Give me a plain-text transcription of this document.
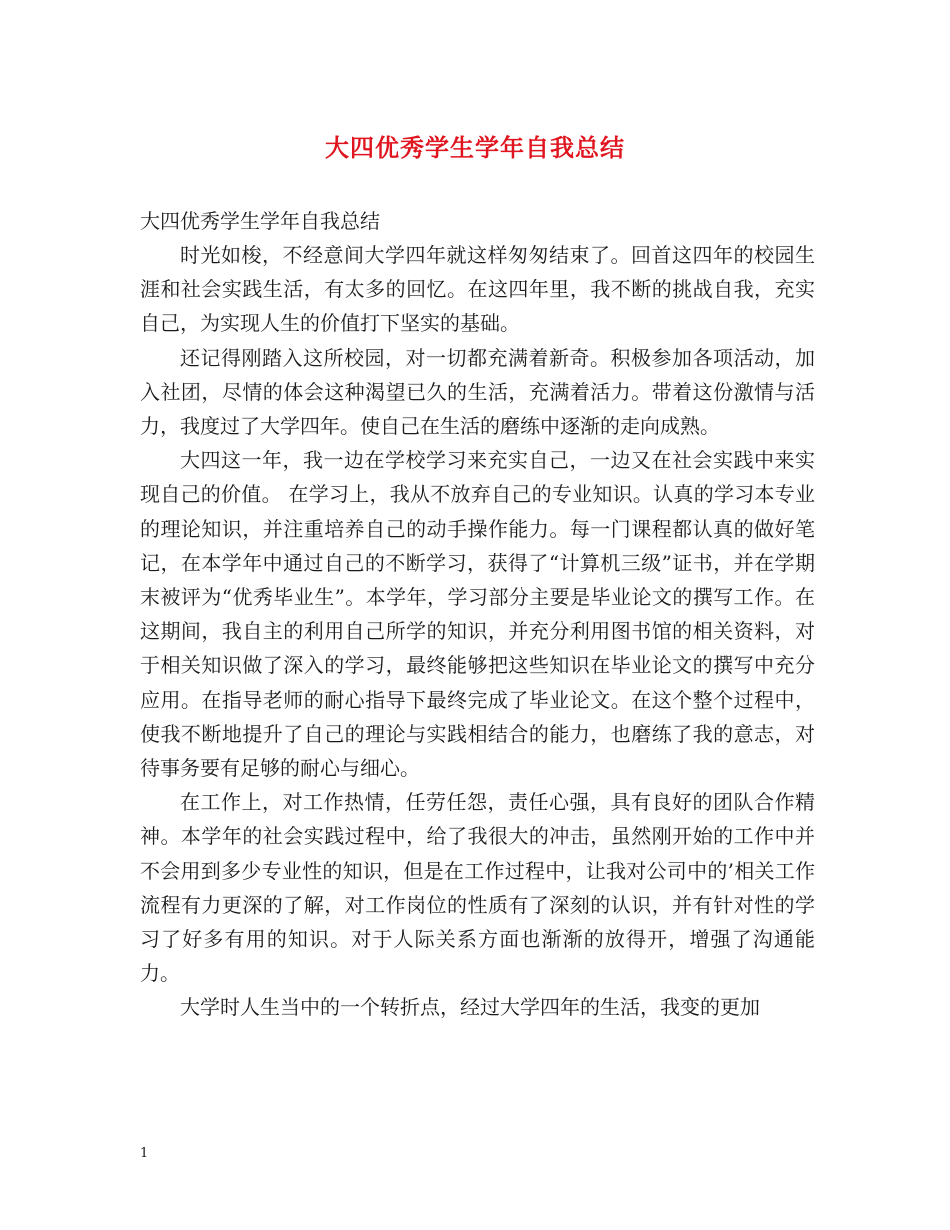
大四优秀学生学年自我总结

大四优秀学生学年自我总结

时光如梭，不经意间大学四年就这样匆匆结束了。回首这四年的校园生涯和社会实践生活，有太多的回忆。在这四年里，我不断的挑战自我，充实自己，为实现人生的价值打下坚实的基础。

还记得刚踏入这所校园，对一切都充满着新奇。积极参加各项活动，加入社团，尽情的体会这种渴望已久的生活，充满着活力。带着这份激情与活力，我度过了大学四年。使自己在生活的磨练中逐渐的走向成熟。

大四这一年，我一边在学校学习来充实自己，一边又在社会实践中来实现自己的价值。 在学习上，我从不放弃自己的专业知识。认真的学习本专业的理论知识，并注重培养自己的动手操作能力。每一门课程都认真的做好笔记，在本学年中通过自己的不断学习，获得了“计算机三级”证书，并在学期末被评为“优秀毕业生”。本学年，学习部分主要是毕业论文的撰写工作。在这期间，我自主的利用自己所学的知识，并充分利用图书馆的相关资料，对于相关知识做了深入的学习，最终能够把这些知识在毕业论文的撰写中充分应用。在指导老师的耐心指导下最终完成了毕业论文。在这个整个过程中，使我不断地提升了自己的理论与实践相结合的能力，也磨练了我的意志，对待事务要有足够的耐心与细心。

在工作上，对工作热情，任劳任怨，责任心强，具有良好的团队合作精神。本学年的社会实践过程中，给了我很大的冲击，虽然刚开始的工作中并不会用到多少专业性的知识，但是在工作过程中，让我对公司中的’相关工作流程有力更深的了解，对工作岗位的性质有了深刻的认识，并有针对性的学习了好多有用的知识。对于人际关系方面也渐渐的放得开，增强了沟通能力。

大学时人生当中的一个转折点，经过大学四年的生活，我变的更加

1
